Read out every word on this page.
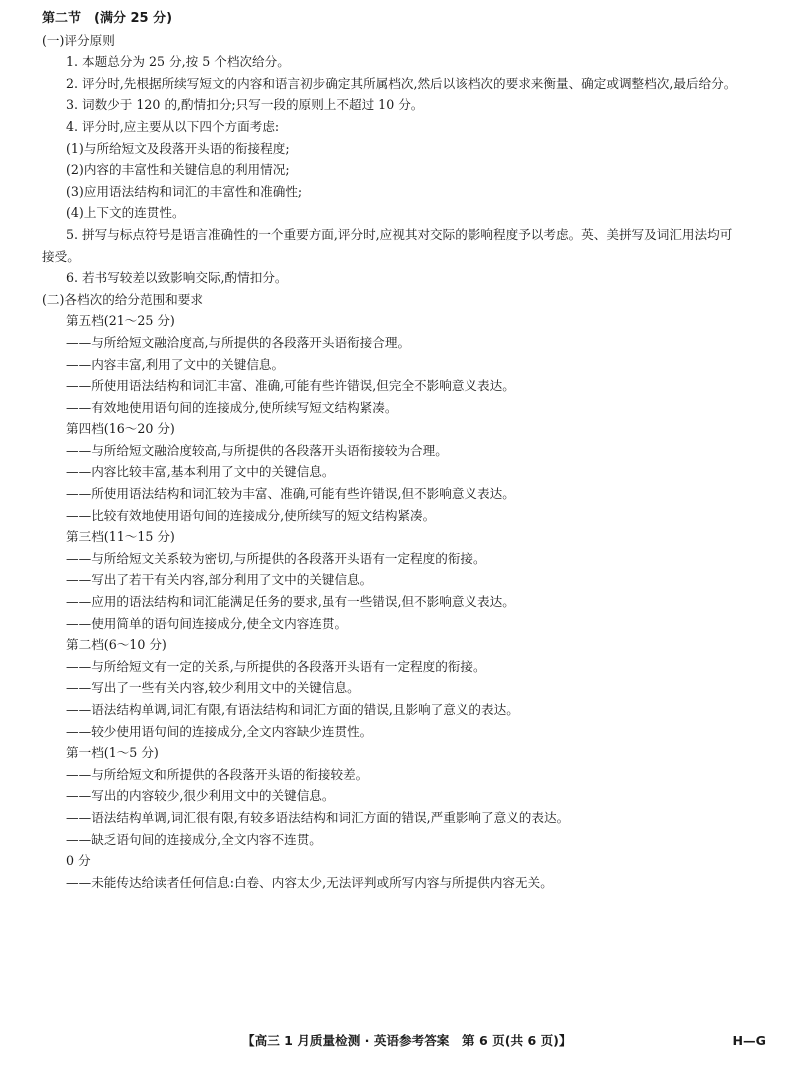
第二节　(满分 25 分)
(一)评分原则
1. 本题总分为 25 分,按 5 个档次给分。
2. 评分时,先根据所续写短文的内容和语言初步确定其所属档次,然后以该档次的要求来衡量、确定或调整档次,最后给分。
3. 词数少于 120 的,酌情扣分;只写一段的原则上不超过 10 分。
4. 评分时,应主要从以下四个方面考虑:
(1)与所给短文及段落开头语的衔接程度;
(2)内容的丰富性和关键信息的利用情况;
(3)应用语法结构和词汇的丰富性和准确性;
(4)上下文的连贯性。
5. 拼写与标点符号是语言准确性的一个重要方面,评分时,应视其对交际的影响程度予以考虑。英、美拼写及词汇用法均可
接受。
6. 若书写较差以致影响交际,酌情扣分。
(二)各档次的给分范围和要求
第五档(21～25 分)
——与所给短文融洽度高,与所提供的各段落开头语衔接合理。
——内容丰富,利用了文中的关键信息。
——所使用语法结构和词汇丰富、准确,可能有些许错误,但完全不影响意义表达。
——有效地使用语句间的连接成分,使所续写短文结构紧凑。
第四档(16～20 分)
——与所给短文融洽度较高,与所提供的各段落开头语衔接较为合理。
——内容比较丰富,基本利用了文中的关键信息。
——所使用语法结构和词汇较为丰富、准确,可能有些许错误,但不影响意义表达。
——比较有效地使用语句间的连接成分,使所续写的短文结构紧凑。
第三档(11～15 分)
——与所给短文关系较为密切,与所提供的各段落开头语有一定程度的衔接。
——写出了若干有关内容,部分利用了文中的关键信息。
——应用的语法结构和词汇能满足任务的要求,虽有一些错误,但不影响意义表达。
——使用简单的语句间连接成分,使全文内容连贯。
第二档(6～10 分)
——与所给短文有一定的关系,与所提供的各段落开头语有一定程度的衔接。
——写出了一些有关内容,较少利用文中的关键信息。
——语法结构单调,词汇有限,有语法结构和词汇方面的错误,且影响了意义的表达。
——较少使用语句间的连接成分,全文内容缺少连贯性。
第一档(1～5 分)
——与所给短文和所提供的各段落开头语的衔接较差。
——写出的内容较少,很少利用文中的关键信息。
——语法结构单调,词汇很有限,有较多语法结构和词汇方面的错误,严重影响了意义的表达。
——缺乏语句间的连接成分,全文内容不连贯。
0 分
——未能传达给读者任何信息:白卷、内容太少,无法评判或所写内容与所提供内容无关。
【高三 1 月质量检测 · 英语参考答案　第 6 页(共 6 页)】	H—G
